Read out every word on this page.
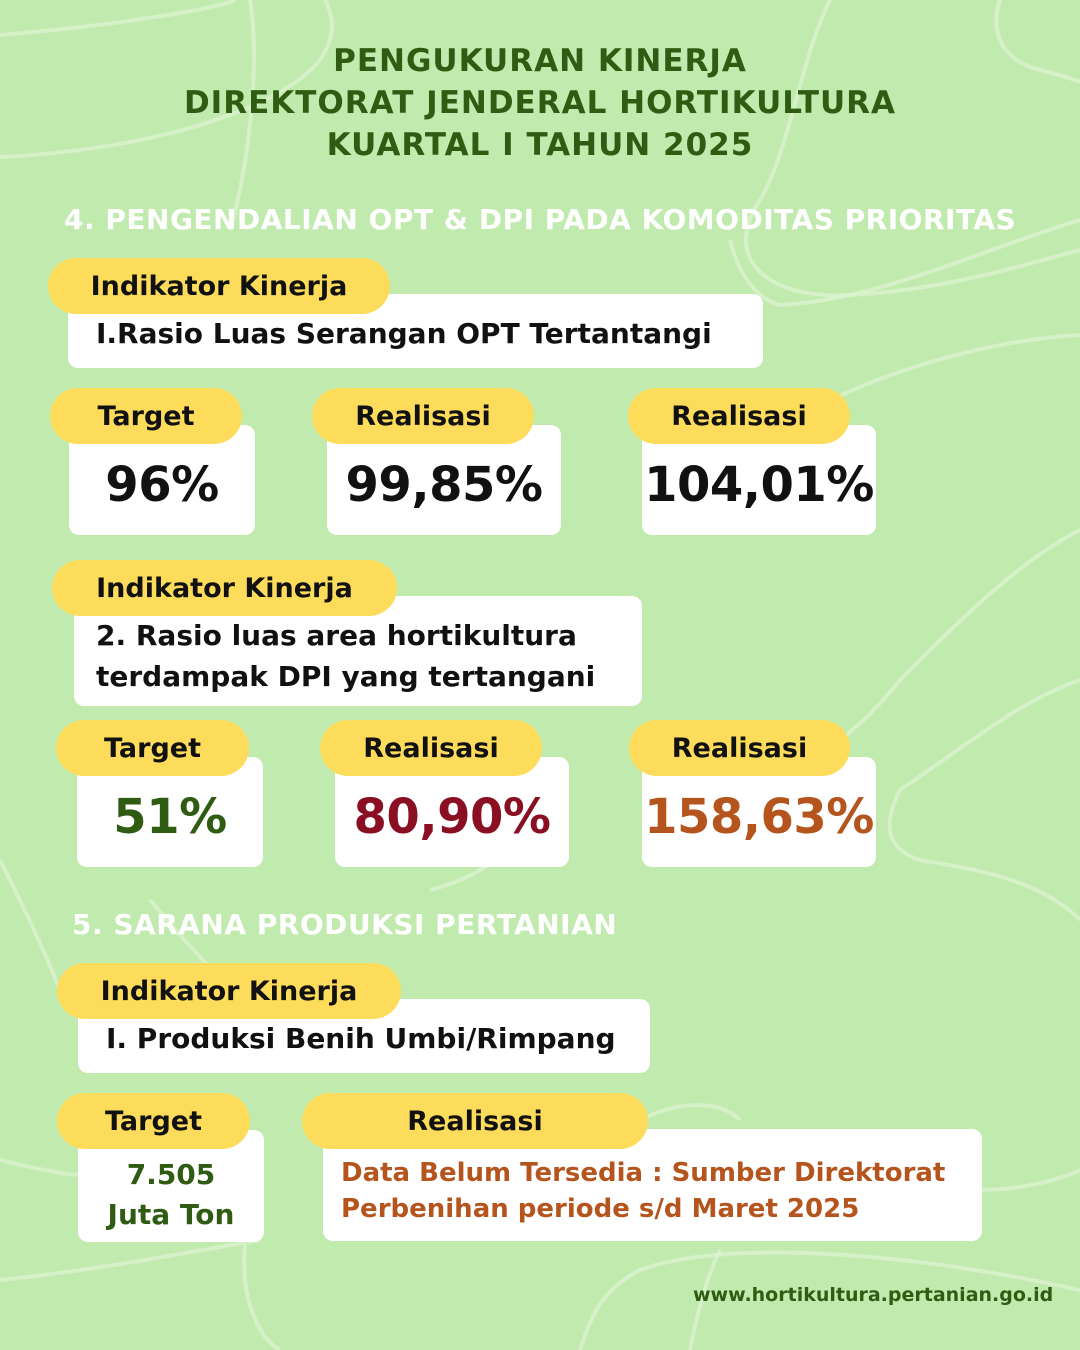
PENGUKURAN KINERJA
DIREKTORAT JENDERAL HORTIKULTURA
KUARTAL I TAHUN 2025
4. PENGENDALIAN OPT & DPI PADA KOMODITAS PRIORITAS
I.Rasio Luas Serangan OPT Tertantangi
Indikator Kinerja
96%
Target
99,85%
Realisasi
104,01%
Realisasi
2. Rasio luas area hortikultura
terdampak DPI yang tertangani
Indikator Kinerja
51%
Target
80,90%
Realisasi
158,63%
Realisasi
5. SARANA PRODUKSI PERTANIAN
I. Produksi Benih Umbi/Rimpang
Indikator Kinerja
7.505
Juta Ton
Target
Data Belum Tersedia : Sumber Direktorat
Perbenihan periode s/d Maret 2025
Realisasi
www.hortikultura.pertanian.go.id
